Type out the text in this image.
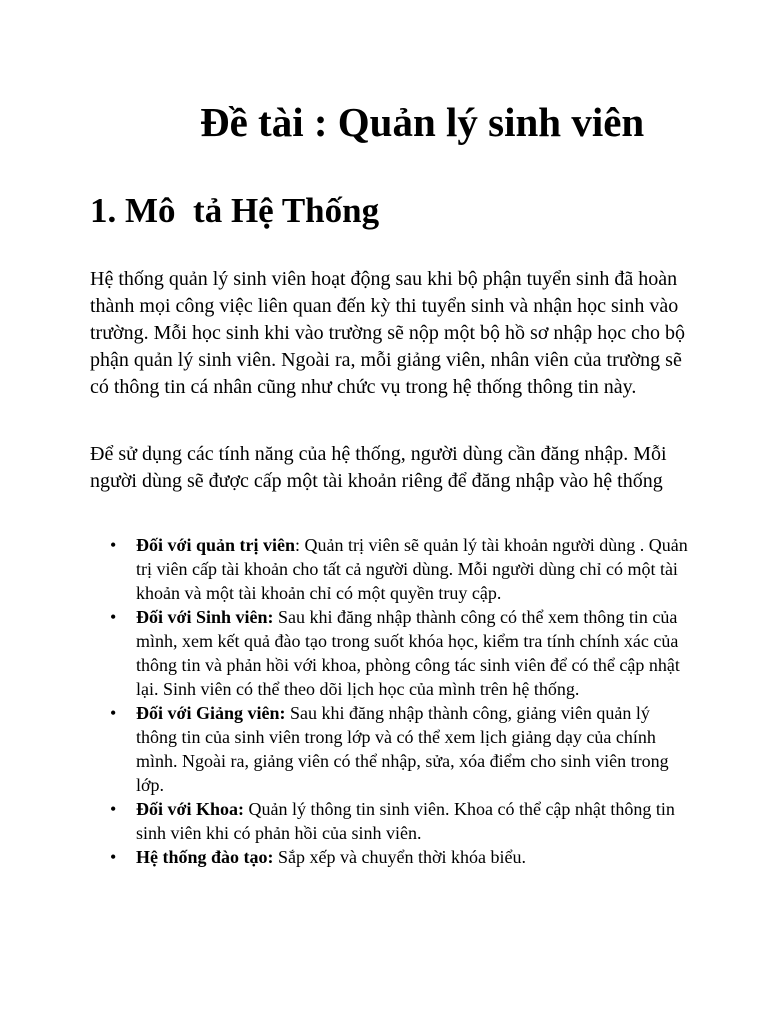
Đề tài : Quản lý sinh viên
1. Mô  tả Hệ Thống

Hệ thống quản lý sinh viên hoạt động sau khi bộ phận tuyển sinh đã hoàn thành mọi công việc liên quan đến kỳ thi tuyển sinh và nhận học sinh vào trường. Mỗi học sinh khi vào trường sẽ nộp một bộ hồ sơ nhập học cho bộ phận quản lý sinh viên. Ngoài ra, mỗi giảng viên, nhân viên của trường sẽ có thông tin cá nhân cũng như chức vụ trong hệ thống thông tin này.

Để sử dụng các tính năng của hệ thống, người dùng cần đăng nhập. Mỗi người dùng sẽ được cấp một tài khoản riêng để đăng nhập vào hệ thống

• Đối với quản trị viên: Quản trị viên sẽ quản lý tài khoản người dùng . Quản trị viên cấp tài khoản cho tất cả người dùng. Mỗi người dùng chỉ có một tài khoản và một tài khoản chỉ có một quyền truy cập.
• Đối với Sinh viên: Sau khi đăng nhập thành công có thể xem thông tin của mình, xem kết quả đào tạo trong suốt khóa học, kiểm tra tính chính xác của thông tin và phản hồi với khoa, phòng công tác sinh viên để có thể cập nhật lại. Sinh viên có thể theo dõi lịch học của mình trên hệ thống.
• Đối với Giảng viên: Sau khi đăng nhập thành công, giảng viên quản lý thông tin của sinh viên trong lớp và có thể xem lịch giảng dạy của chính mình. Ngoài ra, giảng viên có thể nhập, sửa, xóa điểm cho sinh viên trong lớp.
• Đối với Khoa: Quản lý thông tin sinh viên. Khoa có thể cập nhật thông tin sinh viên khi có phản hồi của sinh viên.
• Hệ thống đào tạo: Sắp xếp và chuyển thời khóa biểu.
